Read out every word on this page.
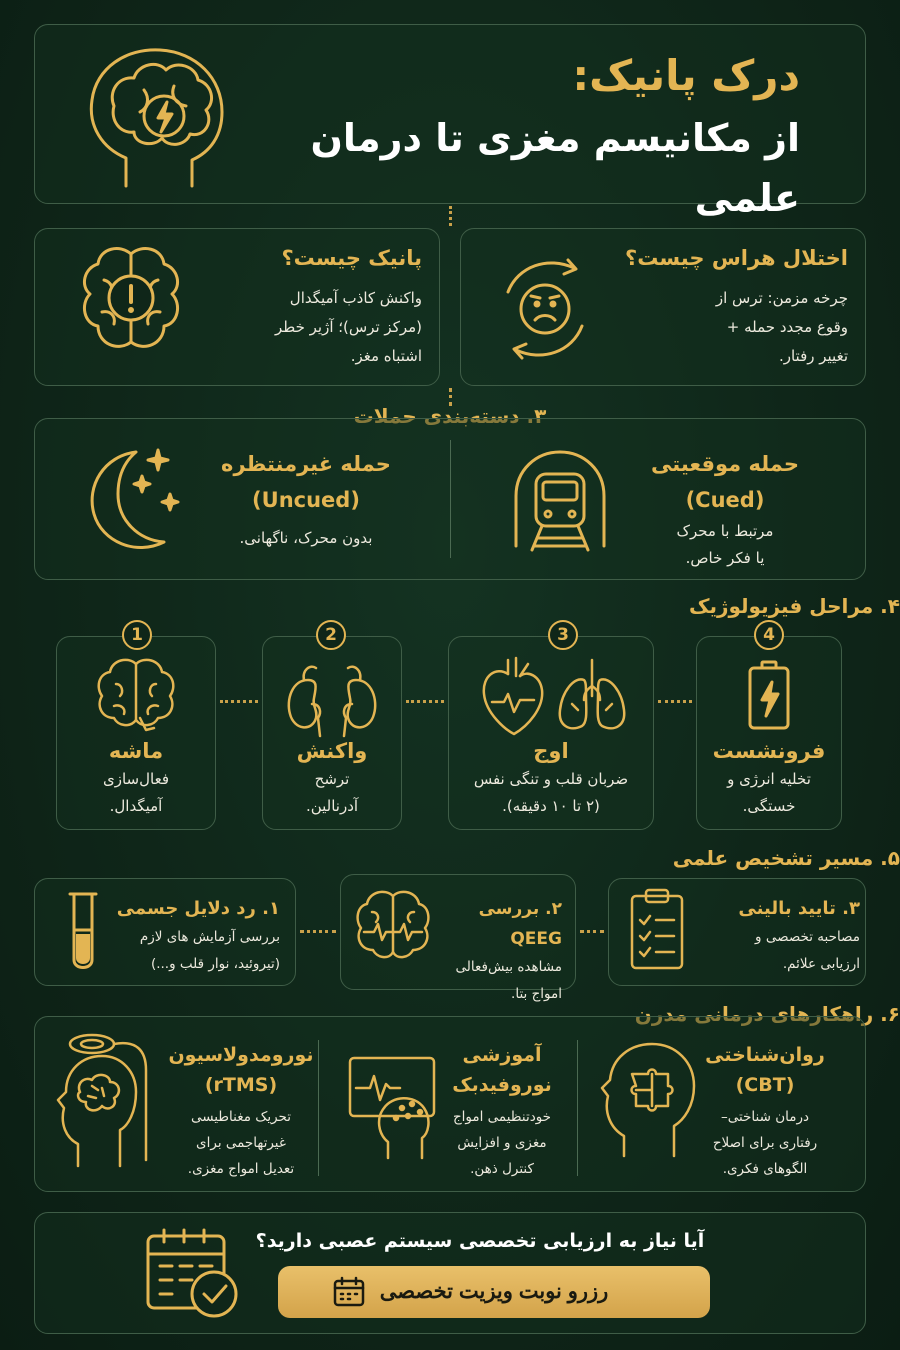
درک پانیک:
از مکانیسم مغزی تا درمان علمی
پانیک چیست؟
واکنش کاذب آمیگدال
(مرکز ترس)؛ آژیر خطر
اشتباه مغز.
اختلال هراس چیست؟
چرخه مزمن: ترس از
وقوع مجدد حمله +
تغییر رفتار.
۳. دسته‌بندی حملات
حمله غیرمنتظره
(Uncued)
بدون محرک، ناگهانی.
حمله موقعیتی
(Cued)
مرتبط با محرک
یا فکر خاص.
۴. مراحل فیزیولوژیک
1
ماشه
فعال‌سازی
آمیگدال.
2
واکنش
ترشح
آدرنالین.
3
اوج
ضربان قلب و تنگی نفس
(۲ تا ۱۰ دقیقه).
4
فرونشست
تخلیه انرژی و
خستگی.
۵. مسیر تشخیص علمی
۱. رد دلایل جسمی
بررسی آزمایش های لازم
(تیروئید، نوار قلب و...)
۲. بررسی QEEG
مشاهده بیش‌فعالی
امواج بتا.
۳. تایید بالینی
مصاحبه تخصصی و
ارزیابی علائم.
۶. راهکارهای درمانی مدرن
نورومدولاسیون
(rTMS)
تحریک مغناطیسی
غیرتهاجمی برای
تعدیل امواج مغزی.
آموزشی
نوروفیدبک
خودتنظیمی امواج
مغزی و افزایش
کنترل ذهن.
روان‌شناختی
(CBT)
درمان شناختی–
رفتاری برای اصلاح
الگوهای فکری.
آیا نیاز به ارزیابی تخصصی سیستم عصبی دارید؟
رزرو نوبت ویزیت تخصصی
